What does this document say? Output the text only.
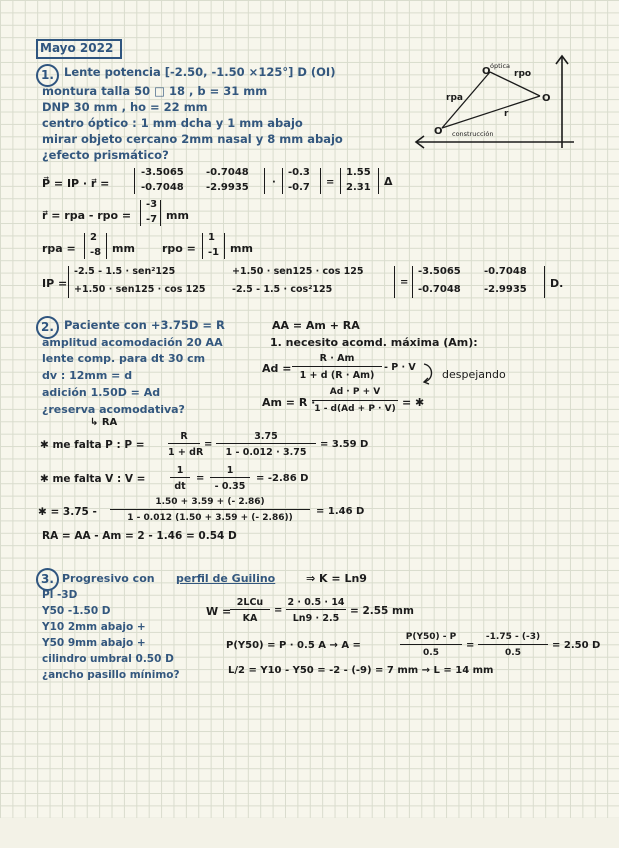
Mayo 2022
1. Lente potencia [-2.50, -1.50 ×125°] D (OI)
montura talla 50 □ 18 , b = 31 mm
DNP 30 mm , ho = 22 mm
centro óptico : 1 mm dcha y 1 mm abajo
mirar objeto cercano 2mm nasal y 8 mm abajo
¿efecto prismático?
O
O
O
óptica
rpo
rpa
r
construcción
P⃗ = IP · r⃗ =
-3.5065 -0.7048
-0.7048 -2.9935 ·
-0.3
-0.7 =
1.55
2.31 Δ
r⃗ = rpa - rpo =
-3
-7 mm
rpa =
2
-8 mm rpo =
1
-1 mm
IP =
-2.5 - 1.5 · sen²125	+1.50 · sen125 · cos 125
+1.50 · sen125 · cos 125	-2.5 - 1.5 · cos²125
=
-3.5065 -0.7048
-0.7048 -2.9935 D.
2. Paciente con +3.75D = R	AA = Am + RA
amplitud acomodación 20 AA	1. necesito acomd. máxima (Am):
lente comp. para dt 30 cm
dv : 12mm = d
adición 1.50D = Ad
¿reserva acomodativa?
↳ RA
Ad =
R · Am
1 + d (R · Am)
- P · V
despejando
Am = R ·
Ad · P + V
1 - d(Ad + P · V) = ✱
✱ me falta P : P =
R
1 + dR
=
3.75
1 - 0.012 · 3.75
= 3.59 D
✱ me falta V : V =
1
dt
=
1
- 0.35
= -2.86 D
✱ = 3.75 -
1.50 + 3.59 + (- 2.86)
1 - 0.012 (1.50 + 3.59 + (- 2.86))
= 1.46 D
RA = AA - Am = 2 - 1.46 = 0.54 D
3. Progresivo con perfil de Guilino	⇒ K = Ln9
Pl -3D
Y50 -1.50 D
Y10 2mm abajo +
Y50 9mm abajo +
cilindro umbral 0.50 D
¿ancho pasillo mínimo?
W =
2LCu
KA
=
2 · 0.5 · 14
Ln9 · 2.5
= 2.55 mm
P(Y50) = P · 0.5 A → A =
P(Y50) - P
0.5
=
-1.75 - (-3)
0.5
= 2.50 D
L/2 = Y10 - Y50 = -2 - (-9) = 7 mm → L = 14 mm
